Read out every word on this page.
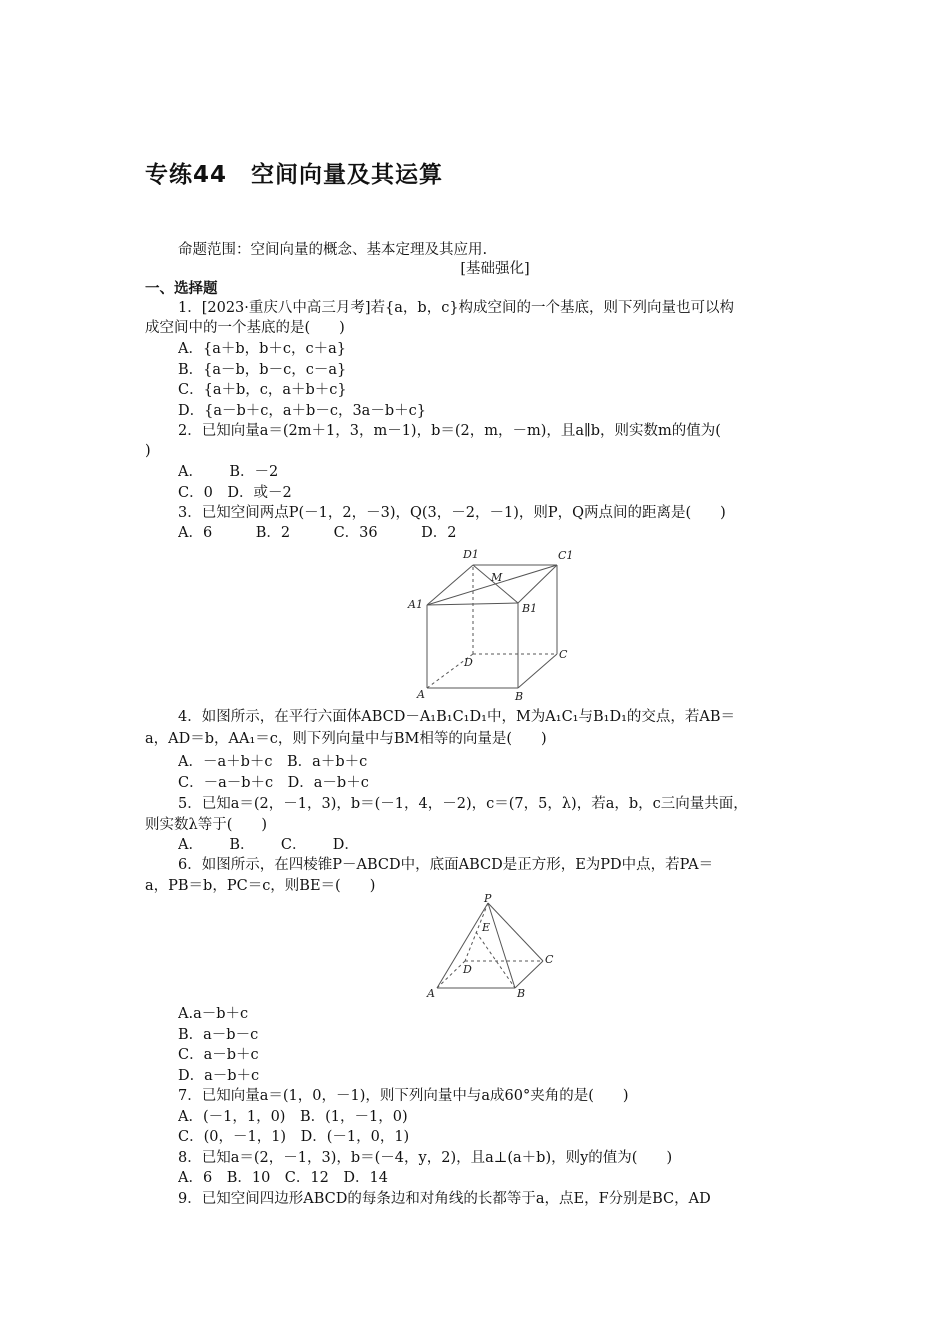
专练44　空间向量及其运算
命题范围：空间向量的概念、基本定理及其应用.
[基础强化]
一、选择题
1．[2023·重庆八中高三月考]若{a，b，c}构成空间的一个基底，则下列向量也可以构
成空间中的一个基底的是(　　)
A．{a＋b，b＋c，c＋a}
B．{a－b，b－c，c－a}
C．{a＋b，c，a＋b＋c}
D．{a－b＋c，a＋b－c，3a－b＋c}
2．已知向量a＝(2m＋1，3，m－1)，b＝(2，m，－m)，且a∥b，则实数m的值为(
)
A．　　 B．－2
C．0　D．或－2
3．已知空间两点P(－1，2，－3)，Q(3，－2，－1)，则P，Q两点间的距离是(　　)
A．6　　　B．2　　　C．36　　　D．2
D1	C1
M
A1	B1
D
C
A	B
4．如图所示，在平行六面体ABCD－A₁B₁C₁D₁中，M为A₁C₁与B₁D₁的交点，若AB＝
a，AD＝b，AA₁＝c，则下列向量中与BM相等的向量是(　　)
A．－a＋b＋c　B．a＋b＋c
C．－a－b＋c　D．a－b＋c
5．已知a＝(2，－1，3)，b＝(－1，4，－2)，c＝(7，5，λ)，若a，b，c三向量共面，
则实数λ等于(　　)
A．　　 B．　　 C．　　 D．
6．如图所示，在四棱锥P－ABCD中，底面ABCD是正方形，E为PD中点，若PA＝
a，PB＝b，PC＝c，则BE＝(　　)
P
E
D
C
A	B
A.a－b＋c
B．a－b－c
C．a－b＋c
D．a－b＋c
7．已知向量a＝(1，0，－1)，则下列向量中与a成60°夹角的是(　　)
A．(－1，1，0)　B．(1，－1，0)
C．(0，－1，1)　D．(－1，0，1)
8．已知a＝(2，－1，3)，b＝(－4，y，2)，且a⊥(a＋b)，则y的值为(　　)
A．6　B．10　C．12　D．14
9．已知空间四边形ABCD的每条边和对角线的长都等于a，点E，F分别是BC，AD
